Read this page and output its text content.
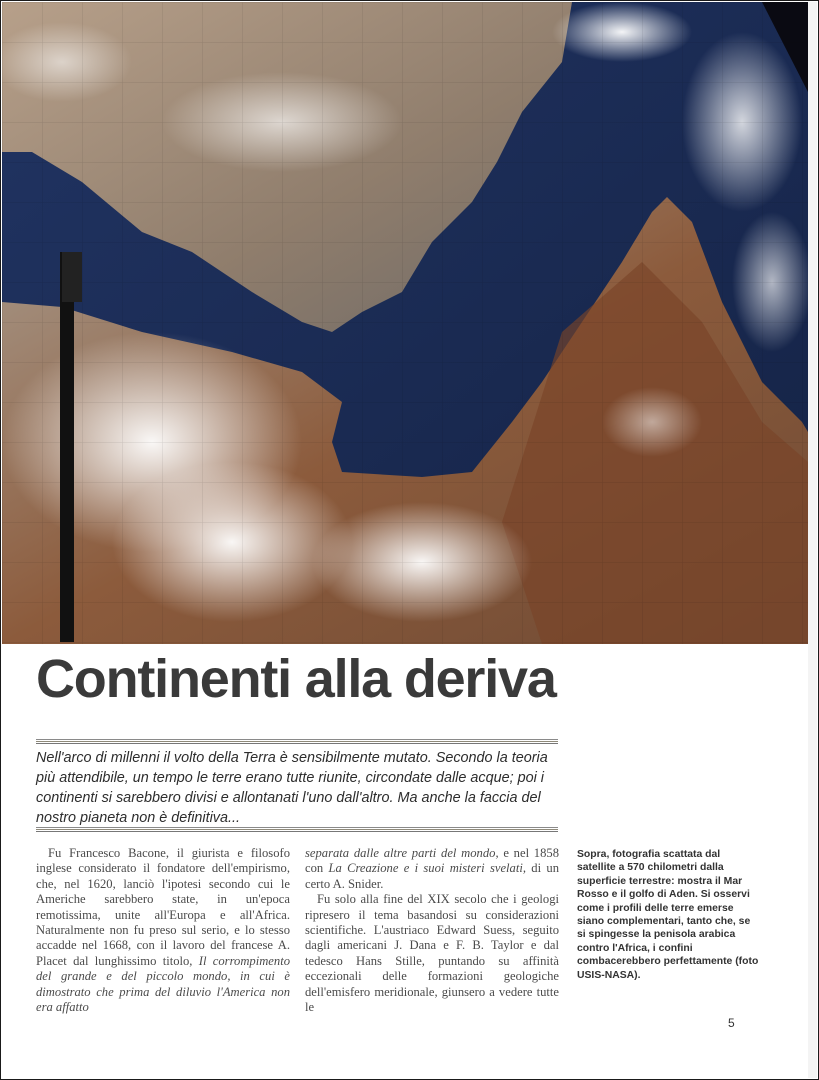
Continenti alla deriva
Nell'arco di millenni il volto della Terra è sensibilmente mutato. Secondo la teoria più attendibile, un tempo le terre erano tutte riunite, circondate dalle acque; poi i continenti si sarebbero divisi e allontanati l'uno dall'altro. Ma anche la faccia del nostro pianeta non è definitiva...

Fu Francesco Bacone, il giurista e filosofo inglese considerato il fondatore dell'empirismo, che, nel 1620, lanciò l'ipotesi secondo cui le Americhe sarebbero state, in un'epoca remotissima, unite all'Europa e all'Africa. Naturalmente non fu preso sul serio, e lo stesso accadde nel 1668, con il lavoro del francese A. Placet dal lunghissimo titolo, Il corrompimento del grande e del piccolo mondo, in cui è dimostrato che prima del diluvio l'America non era affatto

separata dalle altre parti del mondo, e nel 1858 con La Creazione e i suoi misteri svelati, di un certo A. Snider.

Fu solo alla fine del XIX secolo che i geologi ripresero il tema basandosi su considerazioni scientifiche. L'austriaco Edward Suess, seguito dagli americani J. Dana e F. B. Taylor e dal tedesco Hans Stille, puntando su affinità eccezionali delle formazioni geologiche dell'emisfero meridionale, giunsero a vedere tutte le

Sopra, fotografia scattata dal satellite a 570 chilometri dalla superficie terrestre: mostra il Mar Rosso e il golfo di Aden. Si osservi come i profili delle terre emerse siano complementari, tanto che, se si spingesse la penisola arabica contro l'Africa, i confini combacerebbero perfettamente (foto USIS-NASA).
5
